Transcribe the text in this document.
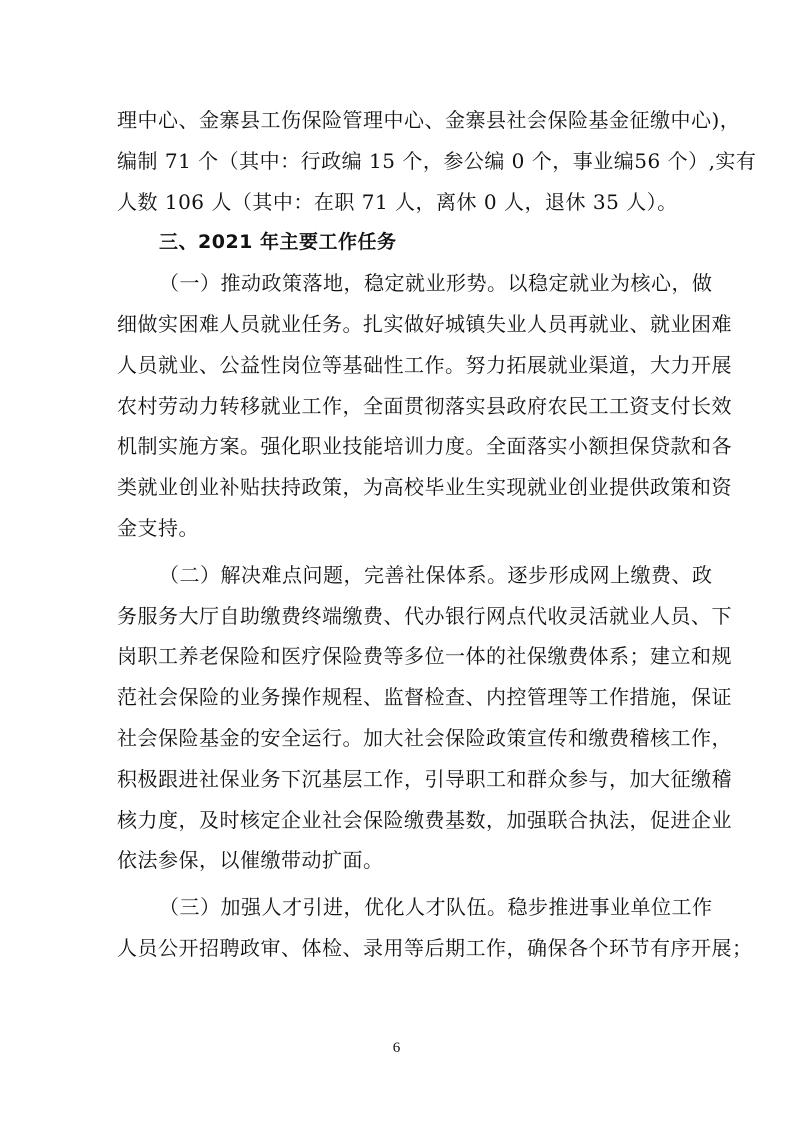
理中心、金寨县工伤保险管理中心、金寨县社会保险基金征缴中心)，
编制 71 个（其中：行政编 15 个，参公编 0 个，事业编56 个）,实有
人数 106 人（其中：在职 71 人，离休 0 人，退休 35 人）。
三、2021 年主要工作任务
（一）推动政策落地，稳定就业形势。以稳定就业为核心，做
细做实困难人员就业任务。扎实做好城镇失业人员再就业、就业困难
人员就业、公益性岗位等基础性工作。努力拓展就业渠道，大力开展
农村劳动力转移就业工作，全面贯彻落实县政府农民工工资支付长效
机制实施方案。强化职业技能培训力度。全面落实小额担保贷款和各
类就业创业补贴扶持政策，为高校毕业生实现就业创业提供政策和资
金支持。
（二）解决难点问题，完善社保体系。逐步形成网上缴费、政
务服务大厅自助缴费终端缴费、代办银行网点代收灵活就业人员、下
岗职工养老保险和医疗保险费等多位一体的社保缴费体系；建立和规
范社会保险的业务操作规程、监督检查、内控管理等工作措施，保证
社会保险基金的安全运行。加大社会保险政策宣传和缴费稽核工作，
积极跟进社保业务下沉基层工作，引导职工和群众参与，加大征缴稽
核力度，及时核定企业社会保险缴费基数，加强联合执法，促进企业
依法参保，以催缴带动扩面。
（三）加强人才引进，优化人才队伍。稳步推进事业单位工作
人员公开招聘政审、体检、录用等后期工作，确保各个环节有序开展；
6
